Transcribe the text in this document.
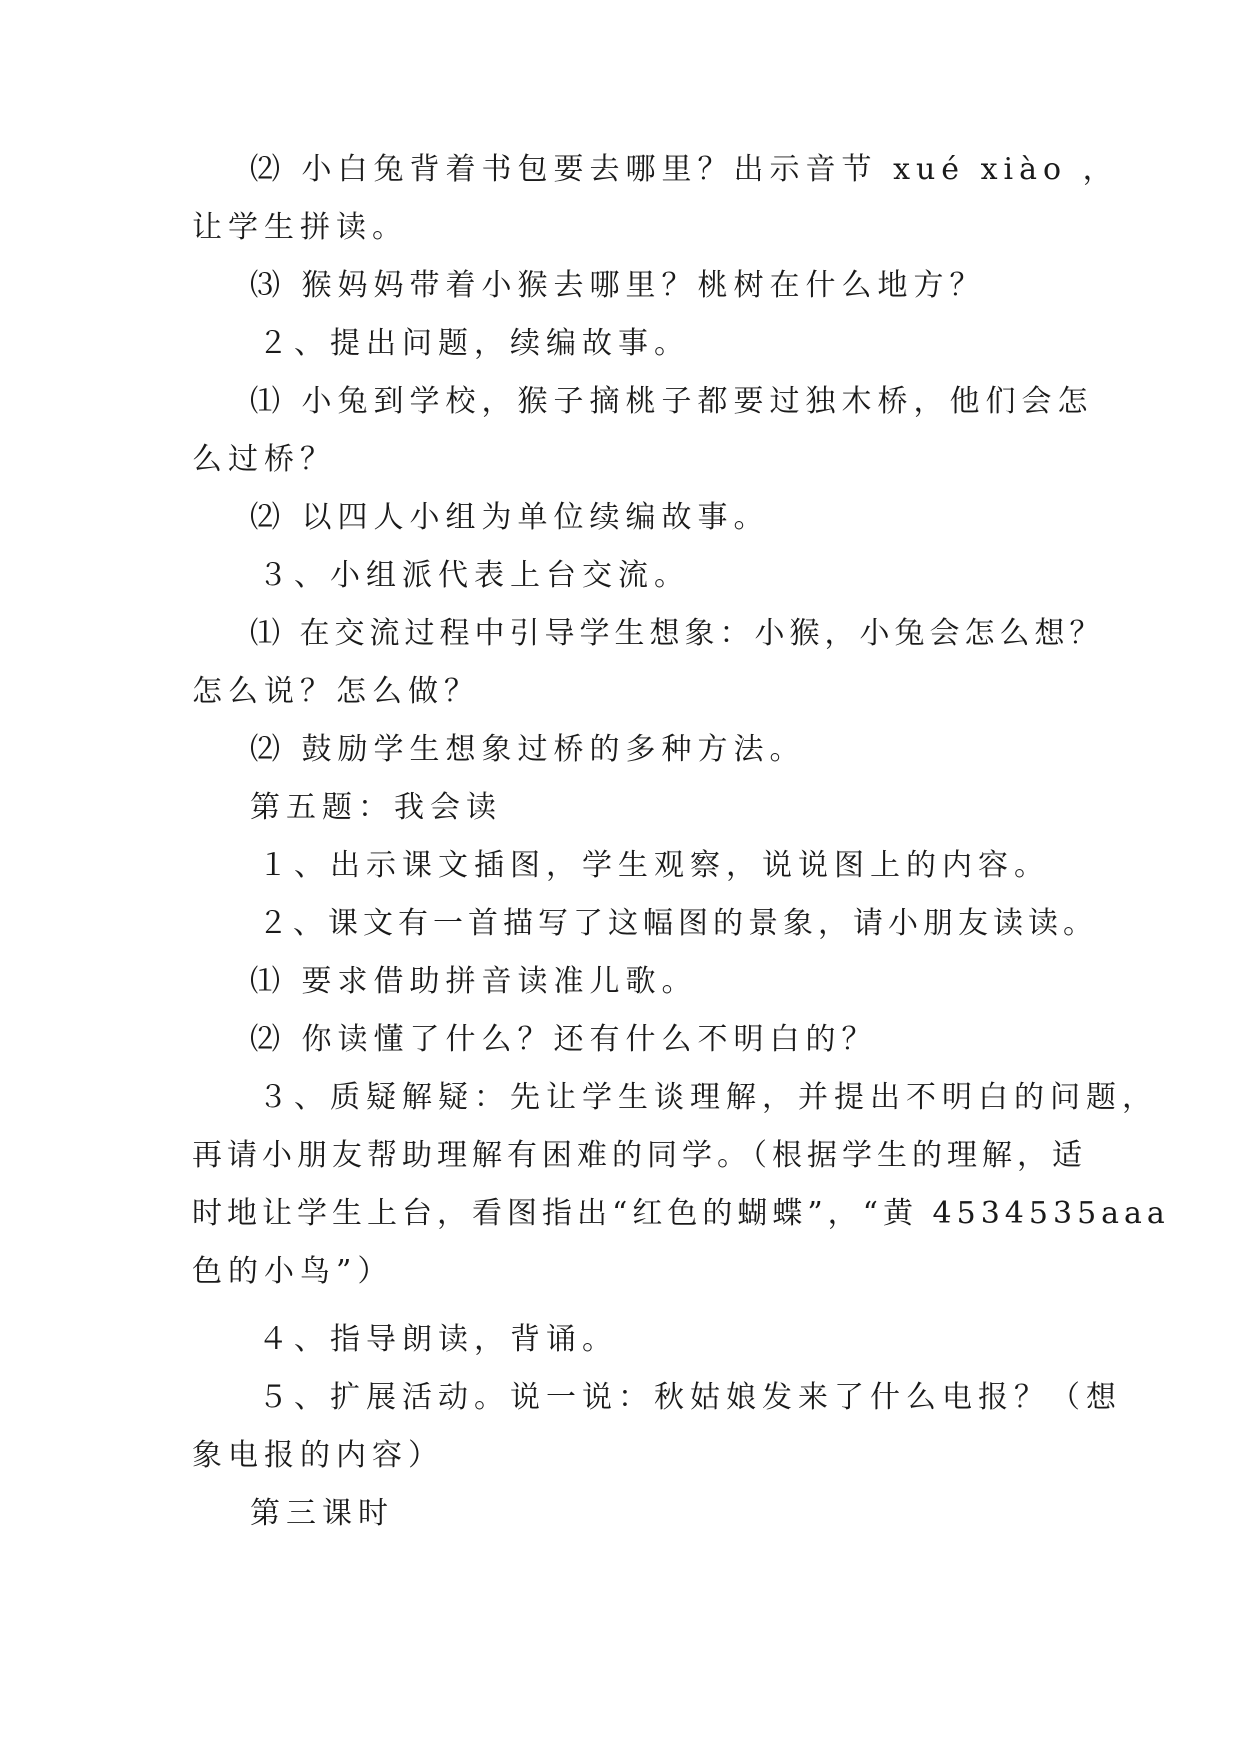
⑵ 小白兔背着书包要去哪里？出示音节 xué xiào ，
让学生拼读。
⑶ 猴妈妈带着小猴去哪里？桃树在什么地方？
２、提出问题，续编故事。
⑴ 小兔到学校，猴子摘桃子都要过独木桥，他们会怎
么过桥？
⑵ 以四人小组为单位续编故事。
３、小组派代表上台交流。
⑴ 在交流过程中引导学生想象：小猴，小兔会怎么想？
怎么说？怎么做？
⑵ 鼓励学生想象过桥的多种方法。
第五题：我会读
１、出示课文插图，学生观察，说说图上的内容。
２、课文有一首描写了这幅图的景象，请小朋友读读。
⑴ 要求借助拼音读准儿歌。
⑵ 你读懂了什么？还有什么不明白的？
３、质疑解疑：先让学生谈理解，并提出不明白的问题，
再请小朋友帮助理解有困难的同学。（根据学生的理解，适
时地让学生上台，看图指出“红色的蝴蝶”，“黄 4534535aaa
色的小鸟”）
４、指导朗读，背诵。
５、扩展活动。说一说：秋姑娘发来了什么电报？（想
象电报的内容）
第三课时
